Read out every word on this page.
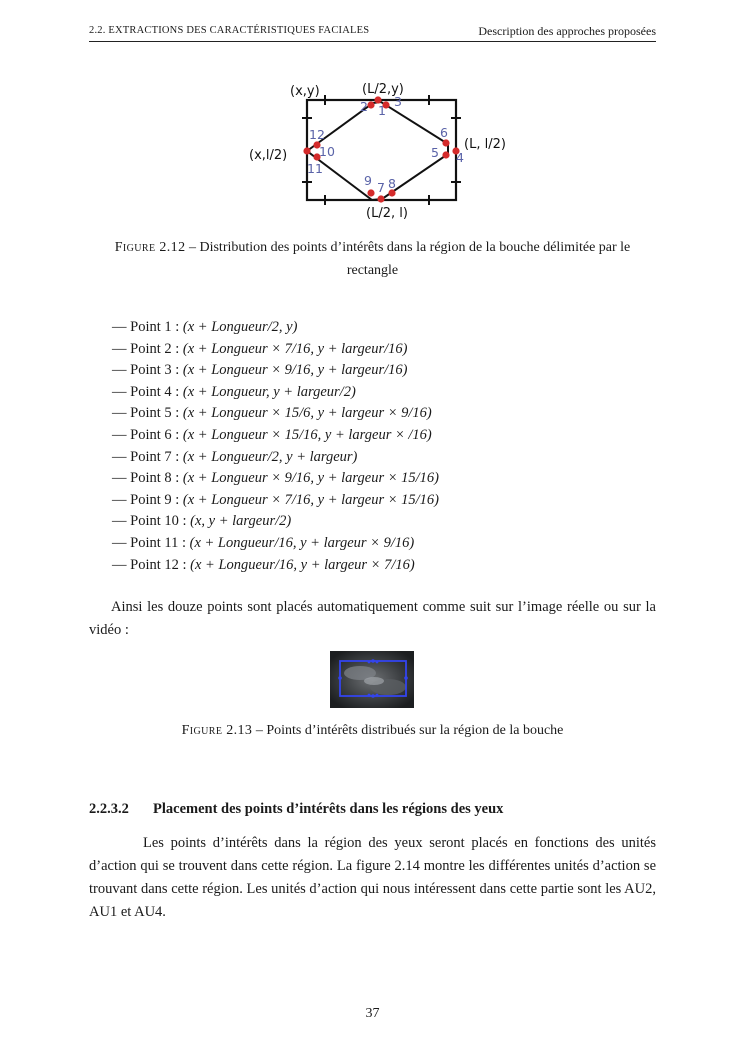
2.2. EXTRACTIONS DES CARACTÉRISTIQUES FACIALES	Description des approches proposées
1
2 3
4
5
6
7 8
9
10
11
12
(x,y)	(L/2,y)
(x,l/2)
(L, l/2)
(L/2, l)
Figure 2.12 – Distribution des points d’intérêts dans la région de la bouche délimitée par le rectangle
— Point 1 : (x + Longueur/2, y)
— Point 2 : (x + Longueur × 7/16, y + largeur/16)
— Point 3 : (x + Longueur × 9/16, y + largeur/16)
— Point 4 : (x + Longueur, y + largeur/2)
— Point 5 : (x + Longueur × 15/6, y + largeur × 9/16)
— Point 6 : (x + Longueur × 15/16, y + largeur × /16)
— Point 7 : (x + Longueur/2, y + largeur)
— Point 8 : (x + Longueur × 9/16, y + largeur × 15/16)
— Point 9 : (x + Longueur × 7/16, y + largeur × 15/16)
— Point 10 : (x, y + largeur/2)
— Point 11 : (x + Longueur/16, y + largeur × 9/16)
— Point 12 : (x + Longueur/16, y + largeur × 7/16)
Ainsi les douze points sont placés automatiquement comme suit sur l’image réelle ou sur la vidéo :
Figure 2.13 – Points d’intérêts distribués sur la région de la bouche
2.2.3.2 Placement des points d’intérêts dans les régions des yeux
Les points d’intérêts dans la région des yeux seront placés en fonctions des unités d’action qui se trouvent dans cette région. La figure 2.14 montre les différentes unités d’action se trouvant dans cette région. Les unités d’action qui nous intéressent dans cette partie sont les AU2, AU1 et AU4.
37
